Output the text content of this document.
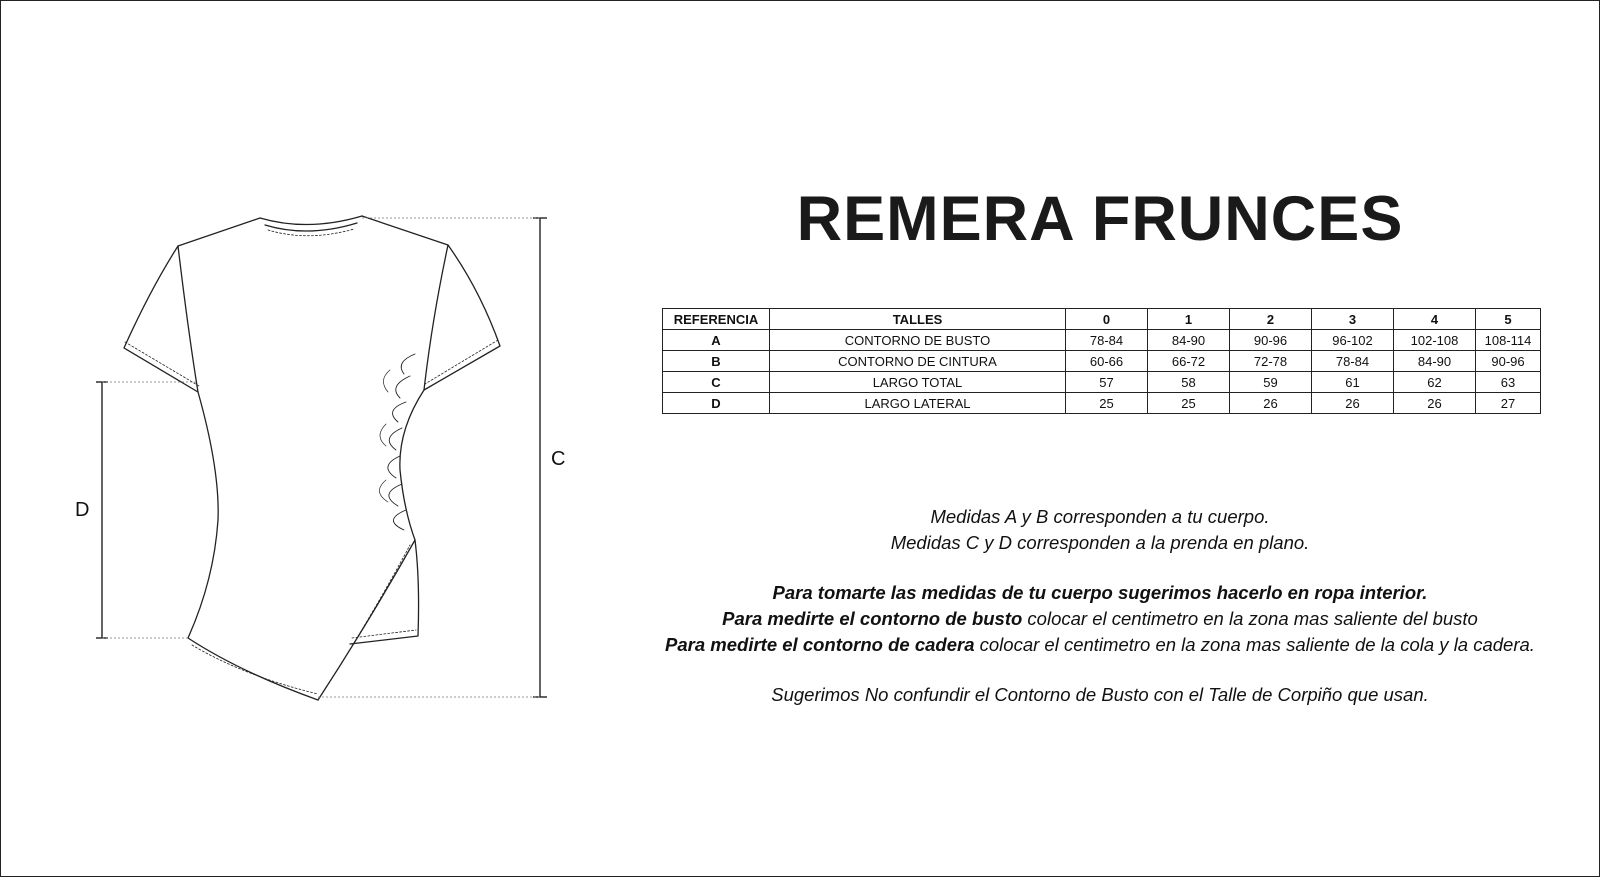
C
D
REMERA FRUNCES
REFERENCIA	TALLES	0	1	2	3	4	5
A	CONTORNO DE BUSTO	78-84	84-90	90-96	96-102	102-108	108-114
B	CONTORNO DE CINTURA	60-66	66-72	72-78	78-84	84-90	90-96
C	LARGO TOTAL	57	58	59	61	62	63
D	LARGO LATERAL	25	25	26	26	26	27

Medidas A y B corresponden a tu cuerpo.

Medidas C y D corresponden a la prenda en plano.

Para tomarte las medidas de tu cuerpo sugerimos hacerlo en ropa interior.

Para medirte el contorno de busto colocar el centimetro en la zona mas saliente del busto

Para medirte el contorno de cadera colocar el centimetro en la zona mas saliente de la cola y la cadera.

Sugerimos No confundir el Contorno de Busto con el Talle de Corpiño que usan.
